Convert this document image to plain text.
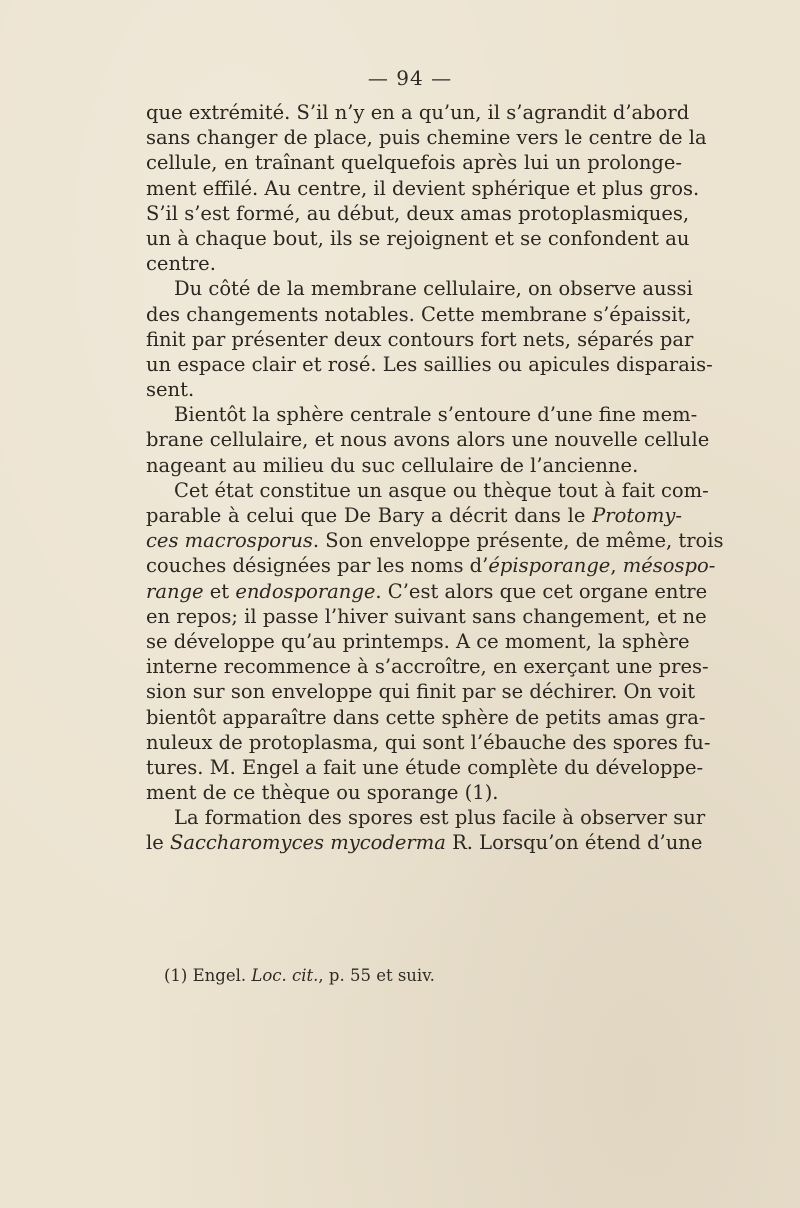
— 94 —
que extrémité. S’il n’y en a qu’un, il s’agrandit d’abord
sans changer de place, puis chemine vers le centre de la
cellule, en traînant quelquefois après lui un prolonge-
ment effilé. Au centre, il devient sphérique et plus gros.
S’il s’est formé, au début, deux amas protoplasmiques,
un à chaque bout, ils se rejoignent et se confondent au
centre.
Du côté de la membrane cellulaire, on observe aussi
des changements notables. Cette membrane s’épaissit,
finit par présenter deux contours fort nets, séparés par
un espace clair et rosé. Les saillies ou apicules disparais-
sent.
Bientôt la sphère centrale s’entoure d’une fine mem-
brane cellulaire, et nous avons alors une nouvelle cellule
nageant au milieu du suc cellulaire de l’ancienne.
Cet état constitue un asque ou thèque tout à fait com-
parable à celui que De Bary a décrit dans le Protomy-
ces macrosporus. Son enveloppe présente, de même, trois
couches désignées par les noms d’épisporange, mésospo-
range et endosporange. C’est alors que cet organe entre
en repos; il passe l’hiver suivant sans changement, et ne
se développe qu’au printemps. A ce moment, la sphère
interne recommence à s’accroître, en exerçant une pres-
sion sur son enveloppe qui finit par se déchirer. On voit
bientôt apparaître dans cette sphère de petits amas gra-
nuleux de protoplasma, qui sont l’ébauche des spores fu-
tures. M. Engel a fait une étude complète du développe-
ment de ce thèque ou sporange (1).
La formation des spores est plus facile à observer sur
le Saccharomyces mycoderma R. Lorsqu’on étend d’une
(1) Engel. Loc. cit., p. 55 et suiv.
